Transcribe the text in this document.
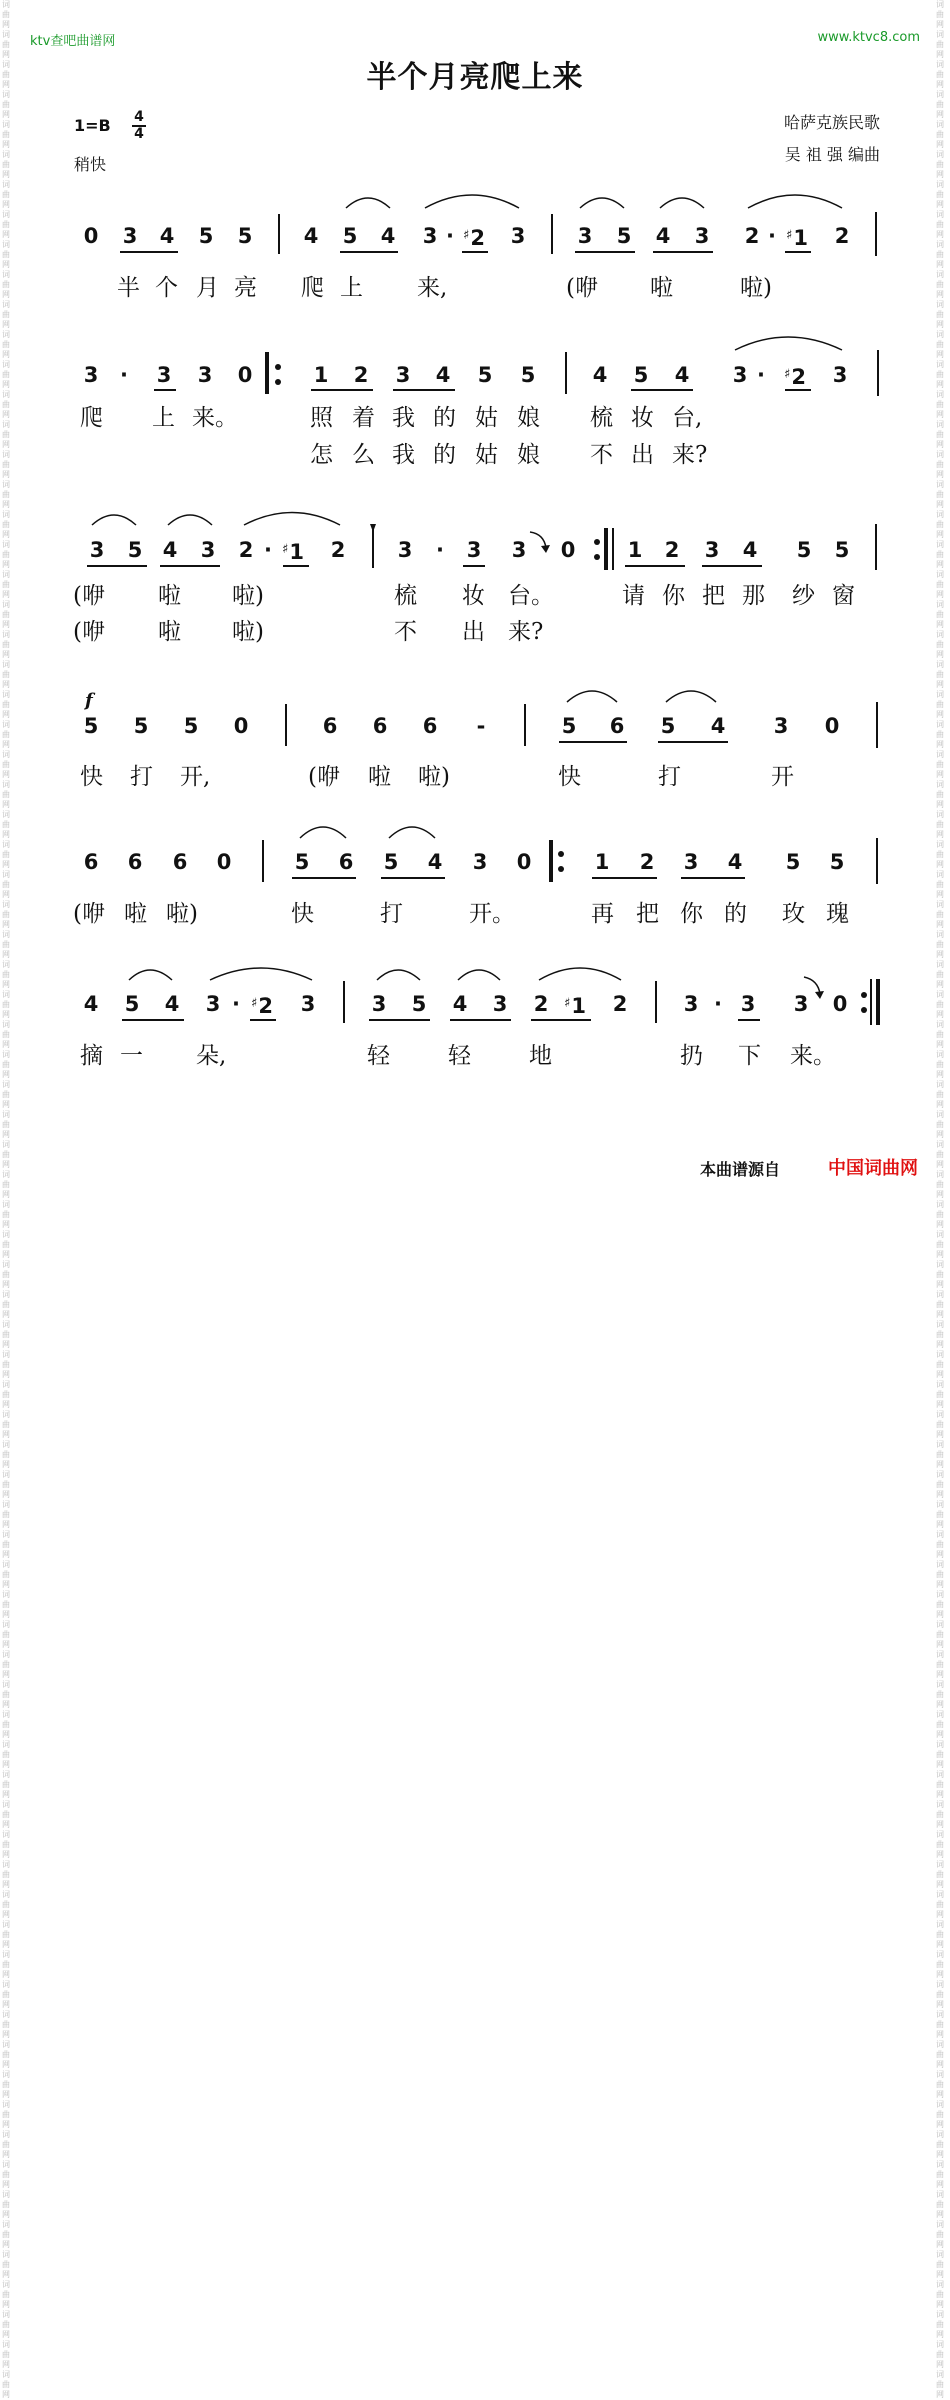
词曲网词曲网词曲网词曲网词曲网词曲网词曲网词曲网词曲网词曲网词曲网词曲网词曲网词曲网词曲网词曲网词曲网词曲网词曲网词曲网词曲网词曲网词曲网词曲网词曲网词曲网词曲网词曲网词曲网词曲网词曲网词曲网词曲网词曲网词曲网词曲网词曲网词曲网词曲网词曲网词曲网词曲网词曲网词曲网词曲网词曲网词曲网词曲网词曲网词曲网词曲网词曲网词曲网词曲网词曲网词曲网词曲网词曲网词曲网词曲网词曲网词曲网词曲网词曲网词曲网词曲网词曲网词曲网词曲网词曲网词曲网词曲网词曲网词曲网词曲网词曲网词曲网词曲网词曲网词曲网
词曲网词曲网词曲网词曲网词曲网词曲网词曲网词曲网词曲网词曲网词曲网词曲网词曲网词曲网词曲网词曲网词曲网词曲网词曲网词曲网词曲网词曲网词曲网词曲网词曲网词曲网词曲网词曲网词曲网词曲网词曲网词曲网词曲网词曲网词曲网词曲网词曲网词曲网词曲网词曲网词曲网词曲网词曲网词曲网词曲网词曲网词曲网词曲网词曲网词曲网词曲网词曲网词曲网词曲网词曲网词曲网词曲网词曲网词曲网词曲网词曲网词曲网词曲网词曲网词曲网词曲网词曲网词曲网词曲网词曲网词曲网词曲网词曲网词曲网词曲网词曲网词曲网词曲网词曲网词曲网
ktv查吧曲谱网	www.ktvc8.com
半个月亮爬上来
1=B 4
4
稍快
哈萨克族民歌
吴 祖 强 编曲
0 3 4 5 5 4 5 4 3 · ♯2 3 3 5 4 3 2 · ♯1 2
半 个 月 亮 爬 上 来,	(咿 啦	啦)
3 · 3 3 0	1 2 3 4 5 5	4 5 4 3 · ♯2 3
爬 上 来。	照 着 我 的 姑 娘 梳 妆 台,
怎 么 我 的 姑 娘 不 出 来?
3 5 4 3 2 · ♯1 2 3 · 3 3 0 1 2 3 4 5 5
(咿 啦 啦)	梳 妆 台。	请 你 把 那 纱 窗
(咿 啦 啦)	不 出 来?
f
5 5 5 0	6 6 6 -	5 6 5 4 3 0
快 打 开,	(咿 啦 啦)	快	打	开
6 6 6 0	5 6 5 4 3 0	1 2 3 4 5 5
(咿 啦 啦)	快	打	开。	再 把 你 的 玫 瑰
4 5 4 3 · ♯2 3	3 5 4 3 2 ♯1 2	3 · 3 3 0
摘 一 朵,	轻	轻	地	扔 下 来。
本曲谱源自	中国词曲网
